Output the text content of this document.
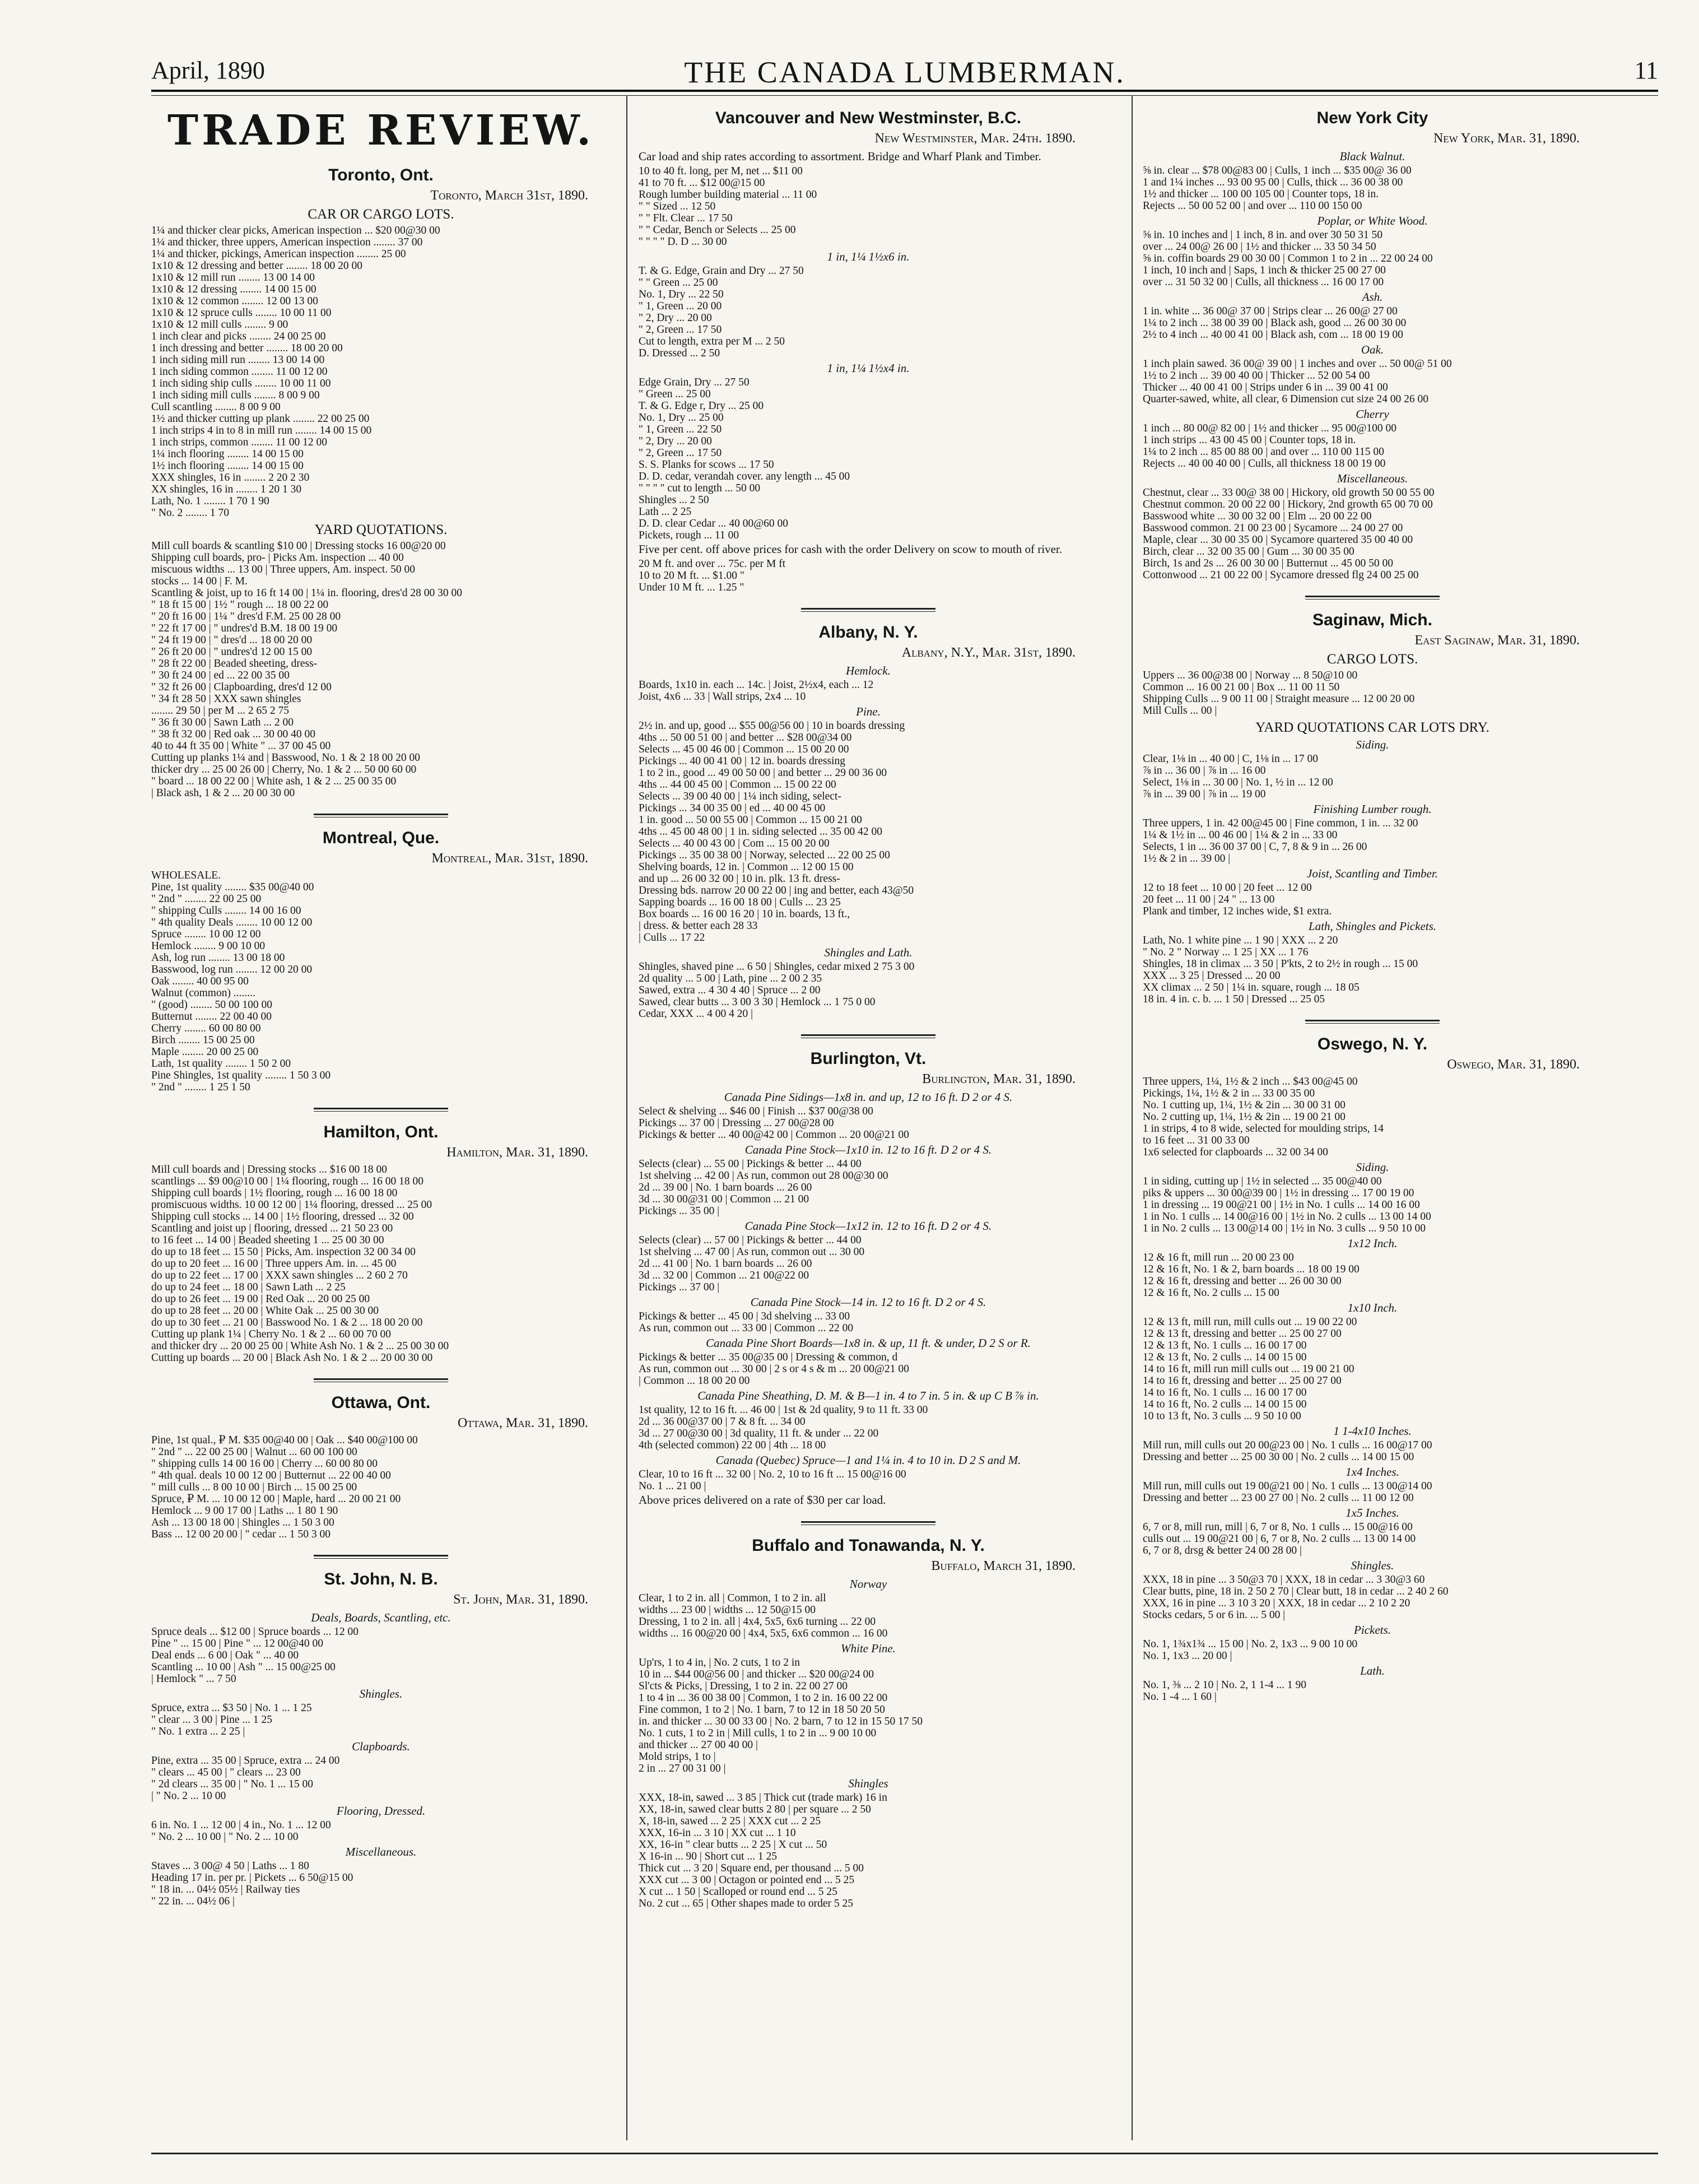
April, 1890	THE CANADA LUMBERMAN.	11
TRADE REVIEW.
Toronto, Ont.
Toronto, March 31st, 1890.
CAR OR CARGO LOTS.
1¼ and thicker clear picks, American inspection ... $20 00@30 00
1¼ and thicker, three uppers, American inspection ........ 37 00
1¼ and thicker, pickings, American inspection ........ 25 00
1x10 & 12 dressing and better ........ 18 00 20 00
1x10 & 12 mill run ........ 13 00 14 00
1x10 & 12 dressing ........ 14 00 15 00
1x10 & 12 common ........ 12 00 13 00
1x10 & 12 spruce culls ........ 10 00 11 00
1x10 & 12 mill culls ........ 9 00
1 inch clear and picks ........ 24 00 25 00
1 inch dressing and better ........ 18 00 20 00
1 inch siding mill run ........ 13 00 14 00
1 inch siding common ........ 11 00 12 00
1 inch siding ship culls ........ 10 00 11 00
1 inch siding mill culls ........ 8 00 9 00
Cull scantling ........ 8 00 9 00
1½ and thicker cutting up plank ........ 22 00 25 00
1 inch strips 4 in to 8 in mill run ........ 14 00 15 00
1 inch strips, common ........ 11 00 12 00
1¼ inch flooring ........ 14 00 15 00
1½ inch flooring ........ 14 00 15 00
XXX shingles, 16 in ........ 2 20 2 30
XX shingles, 16 in ........ 1 20 1 30
Lath, No. 1 ........ 1 70 1 90
" No. 2 ........ 1 70
YARD QUOTATIONS.
Mill cull boards & scantling $10 00 | Dressing stocks 16 00@20 00
Shipping cull boards, pro- | Picks Am. inspection ... 40 00
miscuous widths ... 13 00 | Three uppers, Am. inspect. 50 00
stocks ... 14 00 | F. M.
Scantling & joist, up to 16 ft 14 00 | 1¼ in. flooring, dres'd 28 00 30 00
" 18 ft 15 00 | 1½ " rough ... 18 00 22 00
" 20 ft 16 00 | 1¼ " dres'd F.M. 25 00 28 00
" 22 ft 17 00 | " undres'd B.M. 18 00 19 00
" 24 ft 19 00 | " dres'd ... 18 00 20 00
" 26 ft 20 00 | " undres'd 12 00 15 00
" 28 ft 22 00 | Beaded sheeting, dress-
" 30 ft 24 00 | ed ... 22 00 35 00
" 32 ft 26 00 | Clapboarding, dres'd 12 00
" 34 ft 28 50 | XXX sawn shingles
........ 29 50 | per M ... 2 65 2 75
" 36 ft 30 00 | Sawn Lath ... 2 00
" 38 ft 32 00 | Red oak ... 30 00 40 00
40 to 44 ft 35 00 | White " ... 37 00 45 00
Cutting up planks 1¼ and | Basswood, No. 1 & 2 18 00 20 00
thicker dry ... 25 00 26 00 | Cherry, No. 1 & 2 ... 50 00 60 00
" board ... 18 00 22 00 | White ash, 1 & 2 ... 25 00 35 00
| Black ash, 1 & 2 ... 20 00 30 00
Montreal, Que.
Montreal, Mar. 31st, 1890.
WHOLESALE.
Pine, 1st quality ........ $35 00@40 00
" 2nd " ........ 22 00 25 00
" shipping Culls ........ 14 00 16 00
" 4th quality Deals ........ 10 00 12 00
Spruce ........ 10 00 12 00
Hemlock ........ 9 00 10 00
Ash, log run ........ 13 00 18 00
Basswood, log run ........ 12 00 20 00
Oak ........ 40 00 95 00
Walnut (common) ........
" (good) ........ 50 00 100 00
Butternut ........ 22 00 40 00
Cherry ........ 60 00 80 00
Birch ........ 15 00 25 00
Maple ........ 20 00 25 00
Lath, 1st quality ........ 1 50 2 00
Pine Shingles, 1st quality ........ 1 50 3 00
" 2nd " ........ 1 25 1 50
Hamilton, Ont.
Hamilton, Mar. 31, 1890.
Mill cull boards and | Dressing stocks ... $16 00 18 00
scantlings ... $9 00@10 00 | 1¼ flooring, rough ... 16 00 18 00
Shipping cull boards | 1½ flooring, rough ... 16 00 18 00
promiscuous widths. 10 00 12 00 | 1¼ flooring, dressed ... 25 00
Shipping cull stocks ... 14 00 | 1½ flooring, dressed ... 32 00
Scantling and joist up | flooring, dressed ... 21 50 23 00
to 16 feet ... 14 00 | Beaded sheeting 1 ... 25 00 30 00
do up to 18 feet ... 15 50 | Picks, Am. inspection 32 00 34 00
do up to 20 feet ... 16 00 | Three uppers Am. in. ... 45 00
do up to 22 feet ... 17 00 | XXX sawn shingles ... 2 60 2 70
do up to 24 feet ... 18 00 | Sawn Lath ... 2 25
do up to 26 feet ... 19 00 | Red Oak ... 20 00 25 00
do up to 28 feet ... 20 00 | White Oak ... 25 00 30 00
do up to 30 feet ... 21 00 | Basswood No. 1 & 2 ... 18 00 20 00
Cutting up plank 1¼ | Cherry No. 1 & 2 ... 60 00 70 00
and thicker dry ... 20 00 25 00 | White Ash No. 1 & 2 ... 25 00 30 00
Cutting up boards ... 20 00 | Black Ash No. 1 & 2 ... 20 00 30 00
Ottawa, Ont.
Ottawa, Mar. 31, 1890.
Pine, 1st qual., ₽ M. $35 00@40 00 | Oak ... $40 00@100 00
" 2nd " ... 22 00 25 00 | Walnut ... 60 00 100 00
" shipping culls 14 00 16 00 | Cherry ... 60 00 80 00
" 4th qual. deals 10 00 12 00 | Butternut ... 22 00 40 00
" mill culls ... 8 00 10 00 | Birch ... 15 00 25 00
Spruce, ₽ M. ... 10 00 12 00 | Maple, hard ... 20 00 21 00
Hemlock ... 9 00 17 00 | Laths ... 1 80 1 90
Ash ... 13 00 18 00 | Shingles ... 1 50 3 00
Bass ... 12 00 20 00 | " cedar ... 1 50 3 00
St. John, N. B.
St. John, Mar. 31, 1890.
Deals, Boards, Scantling, etc.
Spruce deals ... $12 00 | Spruce boards ... 12 00
Pine " ... 15 00 | Pine " ... 12 00@40 00
Deal ends ... 6 00 | Oak " ... 40 00
Scantling ... 10 00 | Ash " ... 15 00@25 00
| Hemlock " ... 7 50
Shingles.
Spruce, extra ... $3 50 | No. 1 ... 1 25
" clear ... 3 00 | Pine ... 1 25
" No. 1 extra ... 2 25 |
Clapboards.
Pine, extra ... 35 00 | Spruce, extra ... 24 00
" clears ... 45 00 | " clears ... 23 00
" 2d clears ... 35 00 | " No. 1 ... 15 00
| " No. 2 ... 10 00
Flooring, Dressed.
6 in. No. 1 ... 12 00 | 4 in., No. 1 ... 12 00
" No. 2 ... 10 00 | " No. 2 ... 10 00
Miscellaneous.
Staves ... 3 00@ 4 50 | Laths ... 1 80
Heading 17 in. per pr. | Pickets ... 6 50@15 00
" 18 in. ... 04½ 05½ | Railway ties
" 22 in. ... 04½ 06 |
Vancouver and New Westminster, B.C.
New Westminster, Mar. 24th. 1890.
Car load and ship rates according to assortment. Bridge and Wharf Plank and Timber.
10 to 40 ft. long, per M, net ... $11 00
41 to 70 ft. ... $12 00@15 00
Rough lumber building material ... 11 00
" " Sized ... 12 50
" " Flt. Clear ... 17 50
" " Cedar, Bench or Selects ... 25 00
" " " " D. D ... 30 00
1 in, 1¼ 1½x6 in.
T. & G. Edge, Grain and Dry ... 27 50
" " Green ... 25 00
No. 1, Dry ... 22 50
" 1, Green ... 20 00
" 2, Dry ... 20 00
" 2, Green ... 17 50
Cut to length, extra per M ... 2 50
D. Dressed ... 2 50
1 in, 1¼ 1½x4 in.
Edge Grain, Dry ... 27 50
" Green ... 25 00
T. & G. Edge r, Dry ... 25 00
No. 1, Dry ... 25 00
" 1, Green ... 22 50
" 2, Dry ... 20 00
" 2, Green ... 17 50
S. S. Planks for scows ... 17 50
D. D. cedar, verandah cover. any length ... 45 00
" " " " cut to length ... 50 00
Shingles ... 2 50
Lath ... 2 25
D. D. clear Cedar ... 40 00@60 00
Pickets, rough ... 11 00
Five per cent. off above prices for cash with the order Delivery on scow to mouth of river.
20 M ft. and over ... 75c. per M ft
10 to 20 M ft. ... $1.00 "
Under 10 M ft. ... 1.25 "
Albany, N. Y.
Albany, N.Y., Mar. 31st, 1890.
Hemlock.
Boards, 1x10 in. each ... 14c. | Joist, 2½x4, each ... 12
Joist, 4x6 ... 33 | Wall strips, 2x4 ... 10
Pine.
2½ in. and up, good ... $55 00@56 00 | 10 in boards dressing
4ths ... 50 00 51 00 | and better ... $28 00@34 00
Selects ... 45 00 46 00 | Common ... 15 00 20 00
Pickings ... 40 00 41 00 | 12 in. boards dressing
1 to 2 in., good ... 49 00 50 00 | and better ... 29 00 36 00
4ths ... 44 00 45 00 | Common ... 15 00 22 00
Selects ... 39 00 40 00 | 1¼ inch siding, select-
Pickings ... 34 00 35 00 | ed ... 40 00 45 00
1 in. good ... 50 00 55 00 | Common ... 15 00 21 00
4ths ... 45 00 48 00 | 1 in. siding selected ... 35 00 42 00
Selects ... 40 00 43 00 | Com ... 15 00 20 00
Pickings ... 35 00 38 00 | Norway, selected ... 22 00 25 00
Shelving boards, 12 in. | Common ... 12 00 15 00
and up ... 26 00 32 00 | 10 in. plk. 13 ft. dress-
Dressing bds. narrow 20 00 22 00 | ing and better, each 43@50
Sapping boards ... 16 00 18 00 | Culls ... 23 25
Box boards ... 16 00 16 20 | 10 in. boards, 13 ft.,
| dress. & better each 28 33
| Culls ... 17 22
Shingles and Lath.
Shingles, shaved pine ... 6 50 | Shingles, cedar mixed 2 75 3 00
2d quality ... 5 00 | Lath, pine ... 2 00 2 35
Sawed, extra ... 4 30 4 40 | Spruce ... 2 00
Sawed, clear butts ... 3 00 3 30 | Hemlock ... 1 75 0 00
Cedar, XXX ... 4 00 4 20 |
Burlington, Vt.
Burlington, Mar. 31, 1890.
Canada Pine Sidings—1x8 in. and up, 12 to 16 ft. D 2 or 4 S.
Select & shelving ... $46 00 | Finish ... $37 00@38 00
Pickings ... 37 00 | Dressing ... 27 00@28 00
Pickings & better ... 40 00@42 00 | Common ... 20 00@21 00
Canada Pine Stock—1x10 in. 12 to 16 ft. D 2 or 4 S.
Selects (clear) ... 55 00 | Pickings & better ... 44 00
1st shelving ... 42 00 | As run, common out 28 00@30 00
2d ... 39 00 | No. 1 barn boards ... 26 00
3d ... 30 00@31 00 | Common ... 21 00
Pickings ... 35 00 |
Canada Pine Stock—1x12 in. 12 to 16 ft. D 2 or 4 S.
Selects (clear) ... 57 00 | Pickings & better ... 44 00
1st shelving ... 47 00 | As run, common out ... 30 00
2d ... 41 00 | No. 1 barn boards ... 26 00
3d ... 32 00 | Common ... 21 00@22 00
Pickings ... 37 00 |
Canada Pine Stock—14 in. 12 to 16 ft. D 2 or 4 S.
Pickings & better ... 45 00 | 3d shelving ... 33 00
As run, common out ... 33 00 | Common ... 22 00
Canada Pine Short Boards—1x8 in. & up, 11 ft. & under, D 2 S or R.
Pickings & better ... 35 00@35 00 | Dressing & common, d
As run, common out ... 30 00 | 2 s or 4 s & m ... 20 00@21 00
| Common ... 18 00 20 00
Canada Pine Sheathing, D. M. & B—1 in. 4 to 7 in. 5 in. & up C B ⅞ in.
1st quality, 12 to 16 ft. ... 46 00 | 1st & 2d quality, 9 to 11 ft. 33 00
2d ... 36 00@37 00 | 7 & 8 ft. ... 34 00
3d ... 27 00@30 00 | 3d quality, 11 ft. & under ... 22 00
4th (selected common) 22 00 | 4th ... 18 00
Canada (Quebec) Spruce—1 and 1¼ in. 4 to 10 in. D 2 S and M.
Clear, 10 to 16 ft ... 32 00 | No. 2, 10 to 16 ft ... 15 00@16 00
No. 1 ... 21 00 |
Above prices delivered on a rate of $30 per car load.
Buffalo and Tonawanda, N. Y.
Buffalo, March 31, 1890.
Norway
Clear, 1 to 2 in. all | Common, 1 to 2 in. all
widths ... 23 00 | widths ... 12 50@15 00
Dressing, 1 to 2 in. all | 4x4, 5x5, 6x6 turning ... 22 00
widths ... 16 00@20 00 | 4x4, 5x5, 6x6 common ... 16 00
White Pine.
Up'rs, 1 to 4 in, | No. 2 cuts, 1 to 2 in
10 in ... $44 00@56 00 | and thicker ... $20 00@24 00
Sl'cts & Picks, | Dressing, 1 to 2 in. 22 00 27 00
1 to 4 in ... 36 00 38 00 | Common, 1 to 2 in. 16 00 22 00
Fine common, 1 to 2 | No. 1 barn, 7 to 12 in 18 50 20 50
in. and thicker ... 30 00 33 00 | No. 2 barn, 7 to 12 in 15 50 17 50
No. 1 cuts, 1 to 2 in | Mill culls, 1 to 2 in ... 9 00 10 00
and thicker ... 27 00 40 00 |
Mold strips, 1 to |
2 in ... 27 00 31 00 |
Shingles
XXX, 18-in, sawed ... 3 85 | Thick cut (trade mark) 16 in
XX, 18-in, sawed clear butts 2 80 | per square ... 2 50
X, 18-in, sawed ... 2 25 | XXX cut ... 2 25
XXX, 16-in ... 3 10 | XX cut ... 1 10
XX, 16-in " clear butts ... 2 25 | X cut ... 50
X 16-in ... 90 | Short cut ... 1 25
Thick cut ... 3 20 | Square end, per thousand ... 5 00
XXX cut ... 3 00 | Octagon or pointed end ... 5 25
X cut ... 1 50 | Scalloped or round end ... 5 25
No. 2 cut ... 65 | Other shapes made to order 5 25
New York City
New York, Mar. 31, 1890.
Black Walnut.
⅝ in. clear ... $78 00@83 00 | Culls, 1 inch ... $35 00@ 36 00
1 and 1¼ inches ... 93 00 95 00 | Culls, thick ... 36 00 38 00
1½ and thicker ... 100 00 105 00 | Counter tops, 18 in.
Rejects ... 50 00 52 00 | and over ... 110 00 150 00
Poplar, or White Wood.
⅝ in. 10 inches and | 1 inch, 8 in. and over 30 50 31 50
over ... 24 00@ 26 00 | 1½ and thicker ... 33 50 34 50
⅝ in. coffin boards 29 00 30 00 | Common 1 to 2 in ... 22 00 24 00
1 inch, 10 inch and | Saps, 1 inch & thicker 25 00 27 00
over ... 31 50 32 00 | Culls, all thickness ... 16 00 17 00
Ash.
1 in. white ... 36 00@ 37 00 | Strips clear ... 26 00@ 27 00
1¼ to 2 inch ... 38 00 39 00 | Black ash, good ... 26 00 30 00
2½ to 4 inch ... 40 00 41 00 | Black ash, com ... 18 00 19 00
Oak.
1 inch plain sawed. 36 00@ 39 00 | 1 inches and over ... 50 00@ 51 00
1½ to 2 inch ... 39 00 40 00 | Thicker ... 52 00 54 00
Thicker ... 40 00 41 00 | Strips under 6 in ... 39 00 41 00
Quarter-sawed, white, all clear, 6 Dimension cut size 24 00 26 00
Cherry
1 inch ... 80 00@ 82 00 | 1½ and thicker ... 95 00@100 00
1 inch strips ... 43 00 45 00 | Counter tops, 18 in.
1¼ to 2 inch ... 85 00 88 00 | and over ... 110 00 115 00
Rejects ... 40 00 40 00 | Culls, all thickness 18 00 19 00
Miscellaneous.
Chestnut, clear ... 33 00@ 38 00 | Hickory, old growth 50 00 55 00
Chestnut common. 20 00 22 00 | Hickory, 2nd growth 65 00 70 00
Basswood white ... 30 00 32 00 | Elm ... 20 00 22 00
Basswood common. 21 00 23 00 | Sycamore ... 24 00 27 00
Maple, clear ... 30 00 35 00 | Sycamore quartered 35 00 40 00
Birch, clear ... 32 00 35 00 | Gum ... 30 00 35 00
Birch, 1s and 2s ... 26 00 30 00 | Butternut ... 45 00 50 00
Cottonwood ... 21 00 22 00 | Sycamore dressed flg 24 00 25 00
Saginaw, Mich.
East Saginaw, Mar. 31, 1890.
CARGO LOTS.
Uppers ... 36 00@38 00 | Norway ... 8 50@10 00
Common ... 16 00 21 00 | Box ... 11 00 11 50
Shipping Culls ... 9 00 11 00 | Straight measure ... 12 00 20 00
Mill Culls ... 00 |
YARD QUOTATIONS CAR LOTS DRY.
Siding.
Clear, 1⅛ in ... 40 00 | C, 1⅛ in ... 17 00
⅞ in ... 36 00 | ⅞ in ... 16 00
Select, 1⅛ in ... 30 00 | No. 1, ½ in ... 12 00
⅞ in ... 39 00 | ⅞ in ... 19 00
Finishing Lumber rough.
Three uppers, 1 in. 42 00@45 00 | Fine common, 1 in. ... 32 00
1¼ & 1½ in ... 00 46 00 | 1¼ & 2 in ... 33 00
Selects, 1 in ... 36 00 37 00 | C, 7, 8 & 9 in ... 26 00
1½ & 2 in ... 39 00 |
Joist, Scantling and Timber.
12 to 18 feet ... 10 00 | 20 feet ... 12 00
20 feet ... 11 00 | 24 " ... 13 00
Plank and timber, 12 inches wide, $1 extra.
Lath, Shingles and Pickets.
Lath, No. 1 white pine ... 1 90 | XXX ... 2 20
" No. 2 " Norway ... 1 25 | XX ... 1 76
Shingles, 18 in climax ... 3 50 | P'kts, 2 to 2½ in rough ... 15 00
XXX ... 3 25 | Dressed ... 20 00
XX climax ... 2 50 | 1¼ in. square, rough ... 18 05
18 in. 4 in. c. b. ... 1 50 | Dressed ... 25 05
Oswego, N. Y.
Oswego, Mar. 31, 1890.
Three uppers, 1¼, 1½ & 2 inch ... $43 00@45 00
Pickings, 1¼, 1½ & 2 in ... 33 00 35 00
No. 1 cutting up, 1¼, 1½ & 2in ... 30 00 31 00
No. 2 cutting up, 1¼, 1½ & 2in ... 19 00 21 00
1 in strips, 4 to 8 wide, selected for moulding strips, 14
to 16 feet ... 31 00 33 00
1x6 selected for clapboards ... 32 00 34 00
Siding.
1 in siding, cutting up | 1½ in selected ... 35 00@40 00
piks & uppers ... 30 00@39 00 | 1½ in dressing ... 17 00 19 00
1 in dressing ... 19 00@21 00 | 1½ in No. 1 culls ... 14 00 16 00
1 in No. 1 culls ... 14 00@16 00 | 1½ in No. 2 culls ... 13 00 14 00
1 in No. 2 culls ... 13 00@14 00 | 1½ in No. 3 culls ... 9 50 10 00
1x12 Inch.
12 & 16 ft, mill run ... 20 00 23 00
12 & 16 ft, No. 1 & 2, barn boards ... 18 00 19 00
12 & 16 ft, dressing and better ... 26 00 30 00
12 & 16 ft, No. 2 culls ... 15 00
1x10 Inch.
12 & 13 ft, mill run, mill culls out ... 19 00 22 00
12 & 13 ft, dressing and better ... 25 00 27 00
12 & 13 ft, No. 1 culls ... 16 00 17 00
12 & 13 ft, No. 2 culls ... 14 00 15 00
14 to 16 ft, mill run mill culls out ... 19 00 21 00
14 to 16 ft, dressing and better ... 25 00 27 00
14 to 16 ft, No. 1 culls ... 16 00 17 00
14 to 16 ft, No. 2 culls ... 14 00 15 00
10 to 13 ft, No. 3 culls ... 9 50 10 00
1 1-4x10 Inches.
Mill run, mill culls out 20 00@23 00 | No. 1 culls ... 16 00@17 00
Dressing and better ... 25 00 30 00 | No. 2 culls ... 14 00 15 00
1x4 Inches.
Mill run, mill culls out 19 00@21 00 | No. 1 culls ... 13 00@14 00
Dressing and better ... 23 00 27 00 | No. 2 culls ... 11 00 12 00
1x5 Inches.
6, 7 or 8, mill run, mill | 6, 7 or 8, No. 1 culls ... 15 00@16 00
culls out ... 19 00@21 00 | 6, 7 or 8, No. 2 culls ... 13 00 14 00
6, 7 or 8, drsg & better 24 00 28 00 |
Shingles.
XXX, 18 in pine ... 3 50@3 70 | XXX, 18 in cedar ... 3 30@3 60
Clear butts, pine, 18 in. 2 50 2 70 | Clear butt, 18 in cedar ... 2 40 2 60
XXX, 16 in pine ... 3 10 3 20 | XXX, 18 in cedar ... 2 10 2 20
Stocks cedars, 5 or 6 in. ... 5 00 |
Pickets.
No. 1, 1¾x1¾ ... 15 00 | No. 2, 1x3 ... 9 00 10 00
No. 1, 1x3 ... 20 00 |
Lath.
No. 1, ⅜ ... 2 10 | No. 2, 1 1-4 ... 1 90
No. 1 -4 ... 1 60 |
